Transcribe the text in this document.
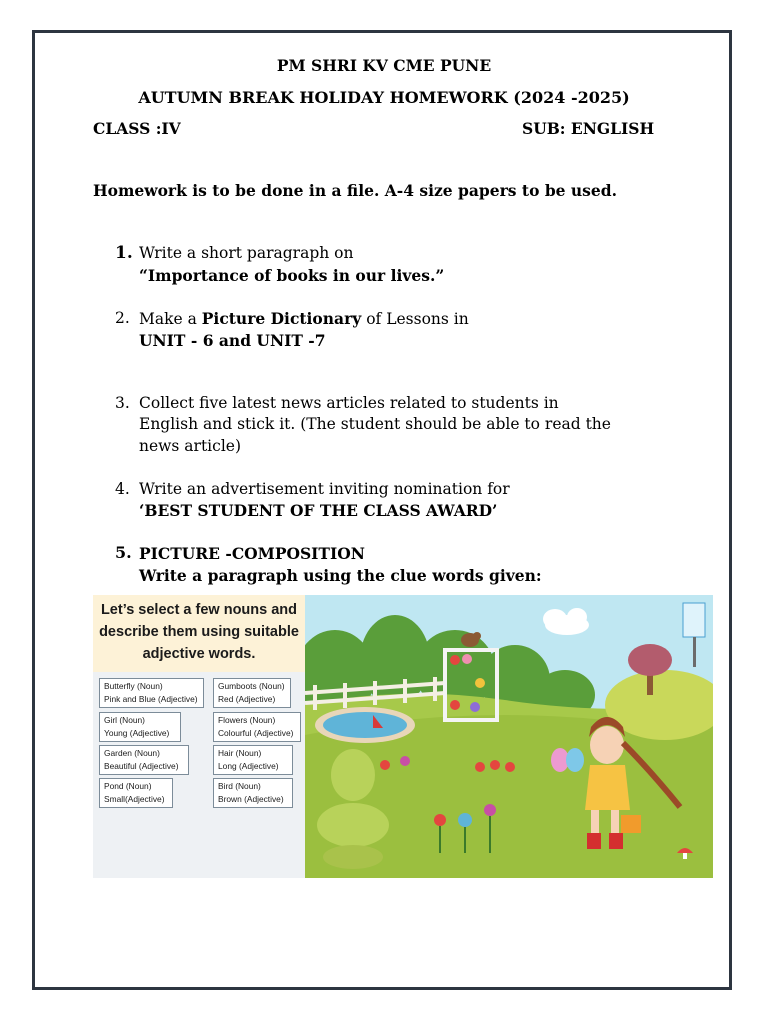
PM SHRI KV CME PUNE
AUTUMN BREAK HOLIDAY HOMEWORK (2024 -2025)
CLASS :IV	SUB: ENGLISH
Homework is to be done in a file. A-4 size papers to be used.
1. Write a short paragraph on
“Importance of books in our lives.”
2. Make a Picture Dictionary of Lessons in
UNIT - 6 and UNIT -7
3. Collect five latest news articles related to students in
English and stick it. (The student should be able to read the
news article)
4. Write an advertisement inviting nomination for
‘BEST STUDENT OF THE CLASS AWARD’
5. PICTURE -COMPOSITION
Write a paragraph using the clue words given:
Let’s select a few nouns and describe them using suitable adjective words.
Butterfly (Noun)
Pink and Blue (Adjective)
Girl (Noun)
Young (Adjective)
Garden (Noun)
Beautiful (Adjective)
Pond (Noun)
Small(Adjective)
Gumboots (Noun)
Red (Adjective)
Flowers (Noun)
Colourful (Adjective)
Hair (Noun)
Long (Adjective)
Bird (Noun)
Brown (Adjective)
